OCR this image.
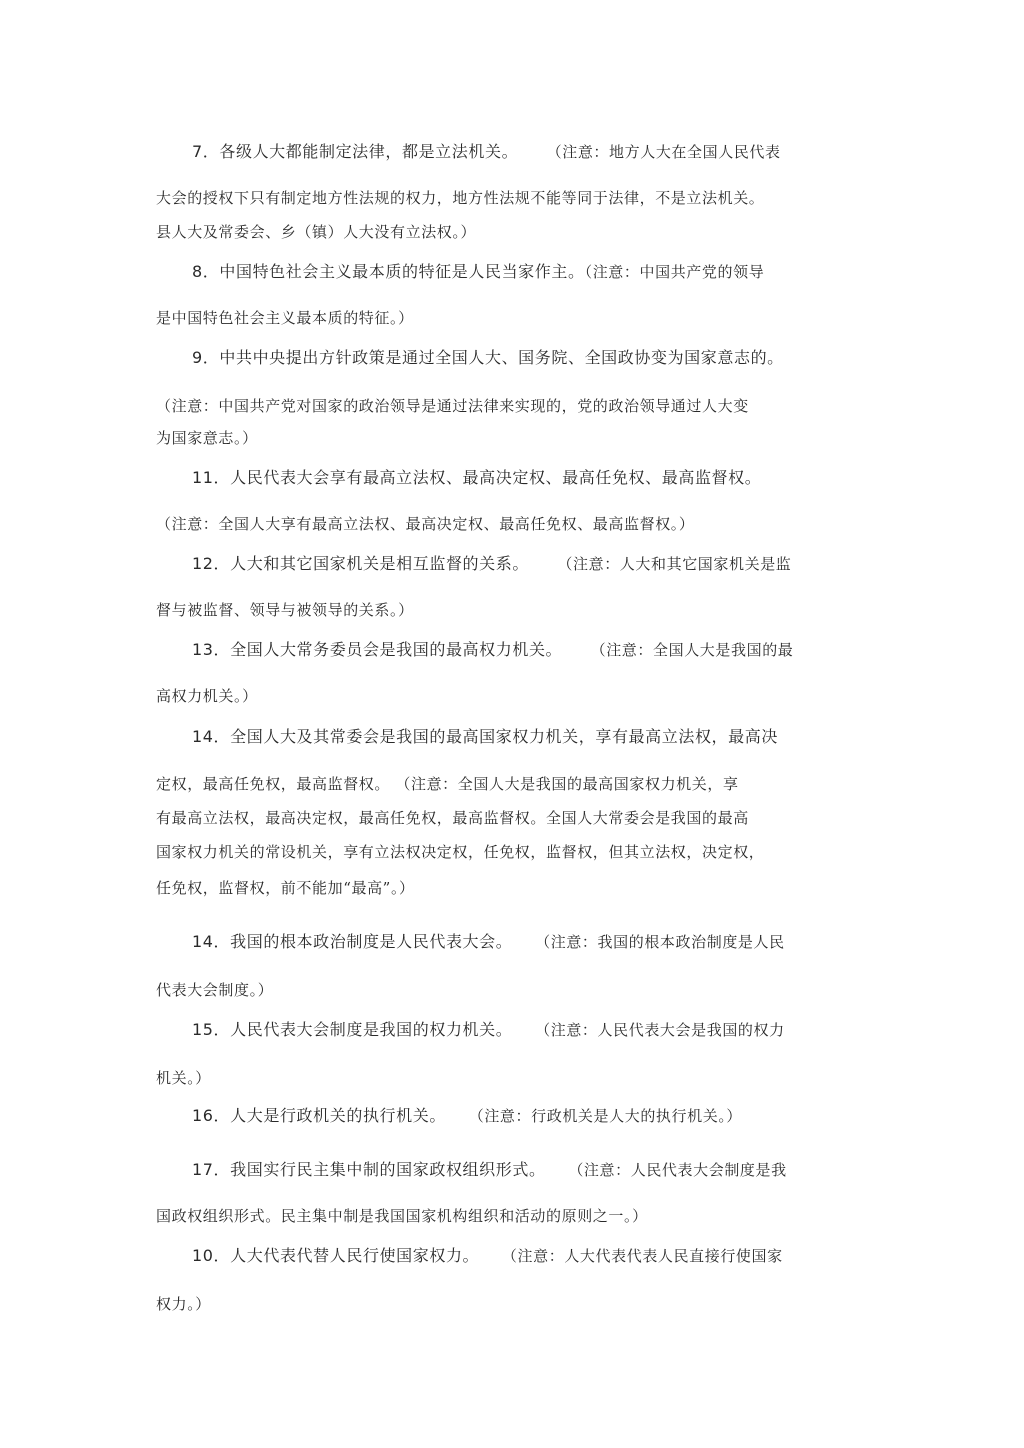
7．各级人大都能制定法律，都是立法机关。 （注意：地方人大在全国人民代表
大会的授权下只有制定地方性法规的权力，地方性法规不能等同于法律，不是立法机关。
县人大及常委会、乡（镇）人大没有立法权。）
8．中国特色社会主义最本质的特征是人民当家作主。（注意：中国共产党的领导
是中国特色社会主义最本质的特征。）
9．中共中央提出方针政策是通过全国人大、国务院、全国政协变为国家意志的。
（注意：中国共产党对国家的政治领导是通过法律来实现的，党的政治领导通过人大变
为国家意志。）
11．人民代表大会享有最高立法权、最高决定权、最高任免权、最高监督权。
（注意：全国人大享有最高立法权、最高决定权、最高任免权、最高监督权。）
12．人大和其它国家机关是相互监督的关系。 （注意：人大和其它国家机关是监
督与被监督、领导与被领导的关系。）
13．全国人大常务委员会是我国的最高权力机关。 （注意：全国人大是我国的最
高权力机关。）
14．全国人大及其常委会是我国的最高国家权力机关，享有最高立法权，最高决
定权，最高任免权，最高监督权。 （注意：全国人大是我国的最高国家权力机关，享
有最高立法权，最高决定权，最高任免权，最高监督权。全国人大常委会是我国的最高
国家权力机关的常设机关，享有立法权决定权，任免权，监督权，但其立法权，决定权，
任免权，监督权，前不能加“最高”。）
14．我国的根本政治制度是人民代表大会。 （注意：我国的根本政治制度是人民
代表大会制度。）
15．人民代表大会制度是我国的权力机关。 （注意：人民代表大会是我国的权力
机关。）
16．人大是行政机关的执行机关。 （注意：行政机关是人大的执行机关。）
17．我国实行民主集中制的国家政权组织形式。 （注意：人民代表大会制度是我
国政权组织形式。民主集中制是我国国家机构组织和活动的原则之一。）
10．人大代表代替人民行使国家权力。 （注意：人大代表代表人民直接行使国家
权力。）
